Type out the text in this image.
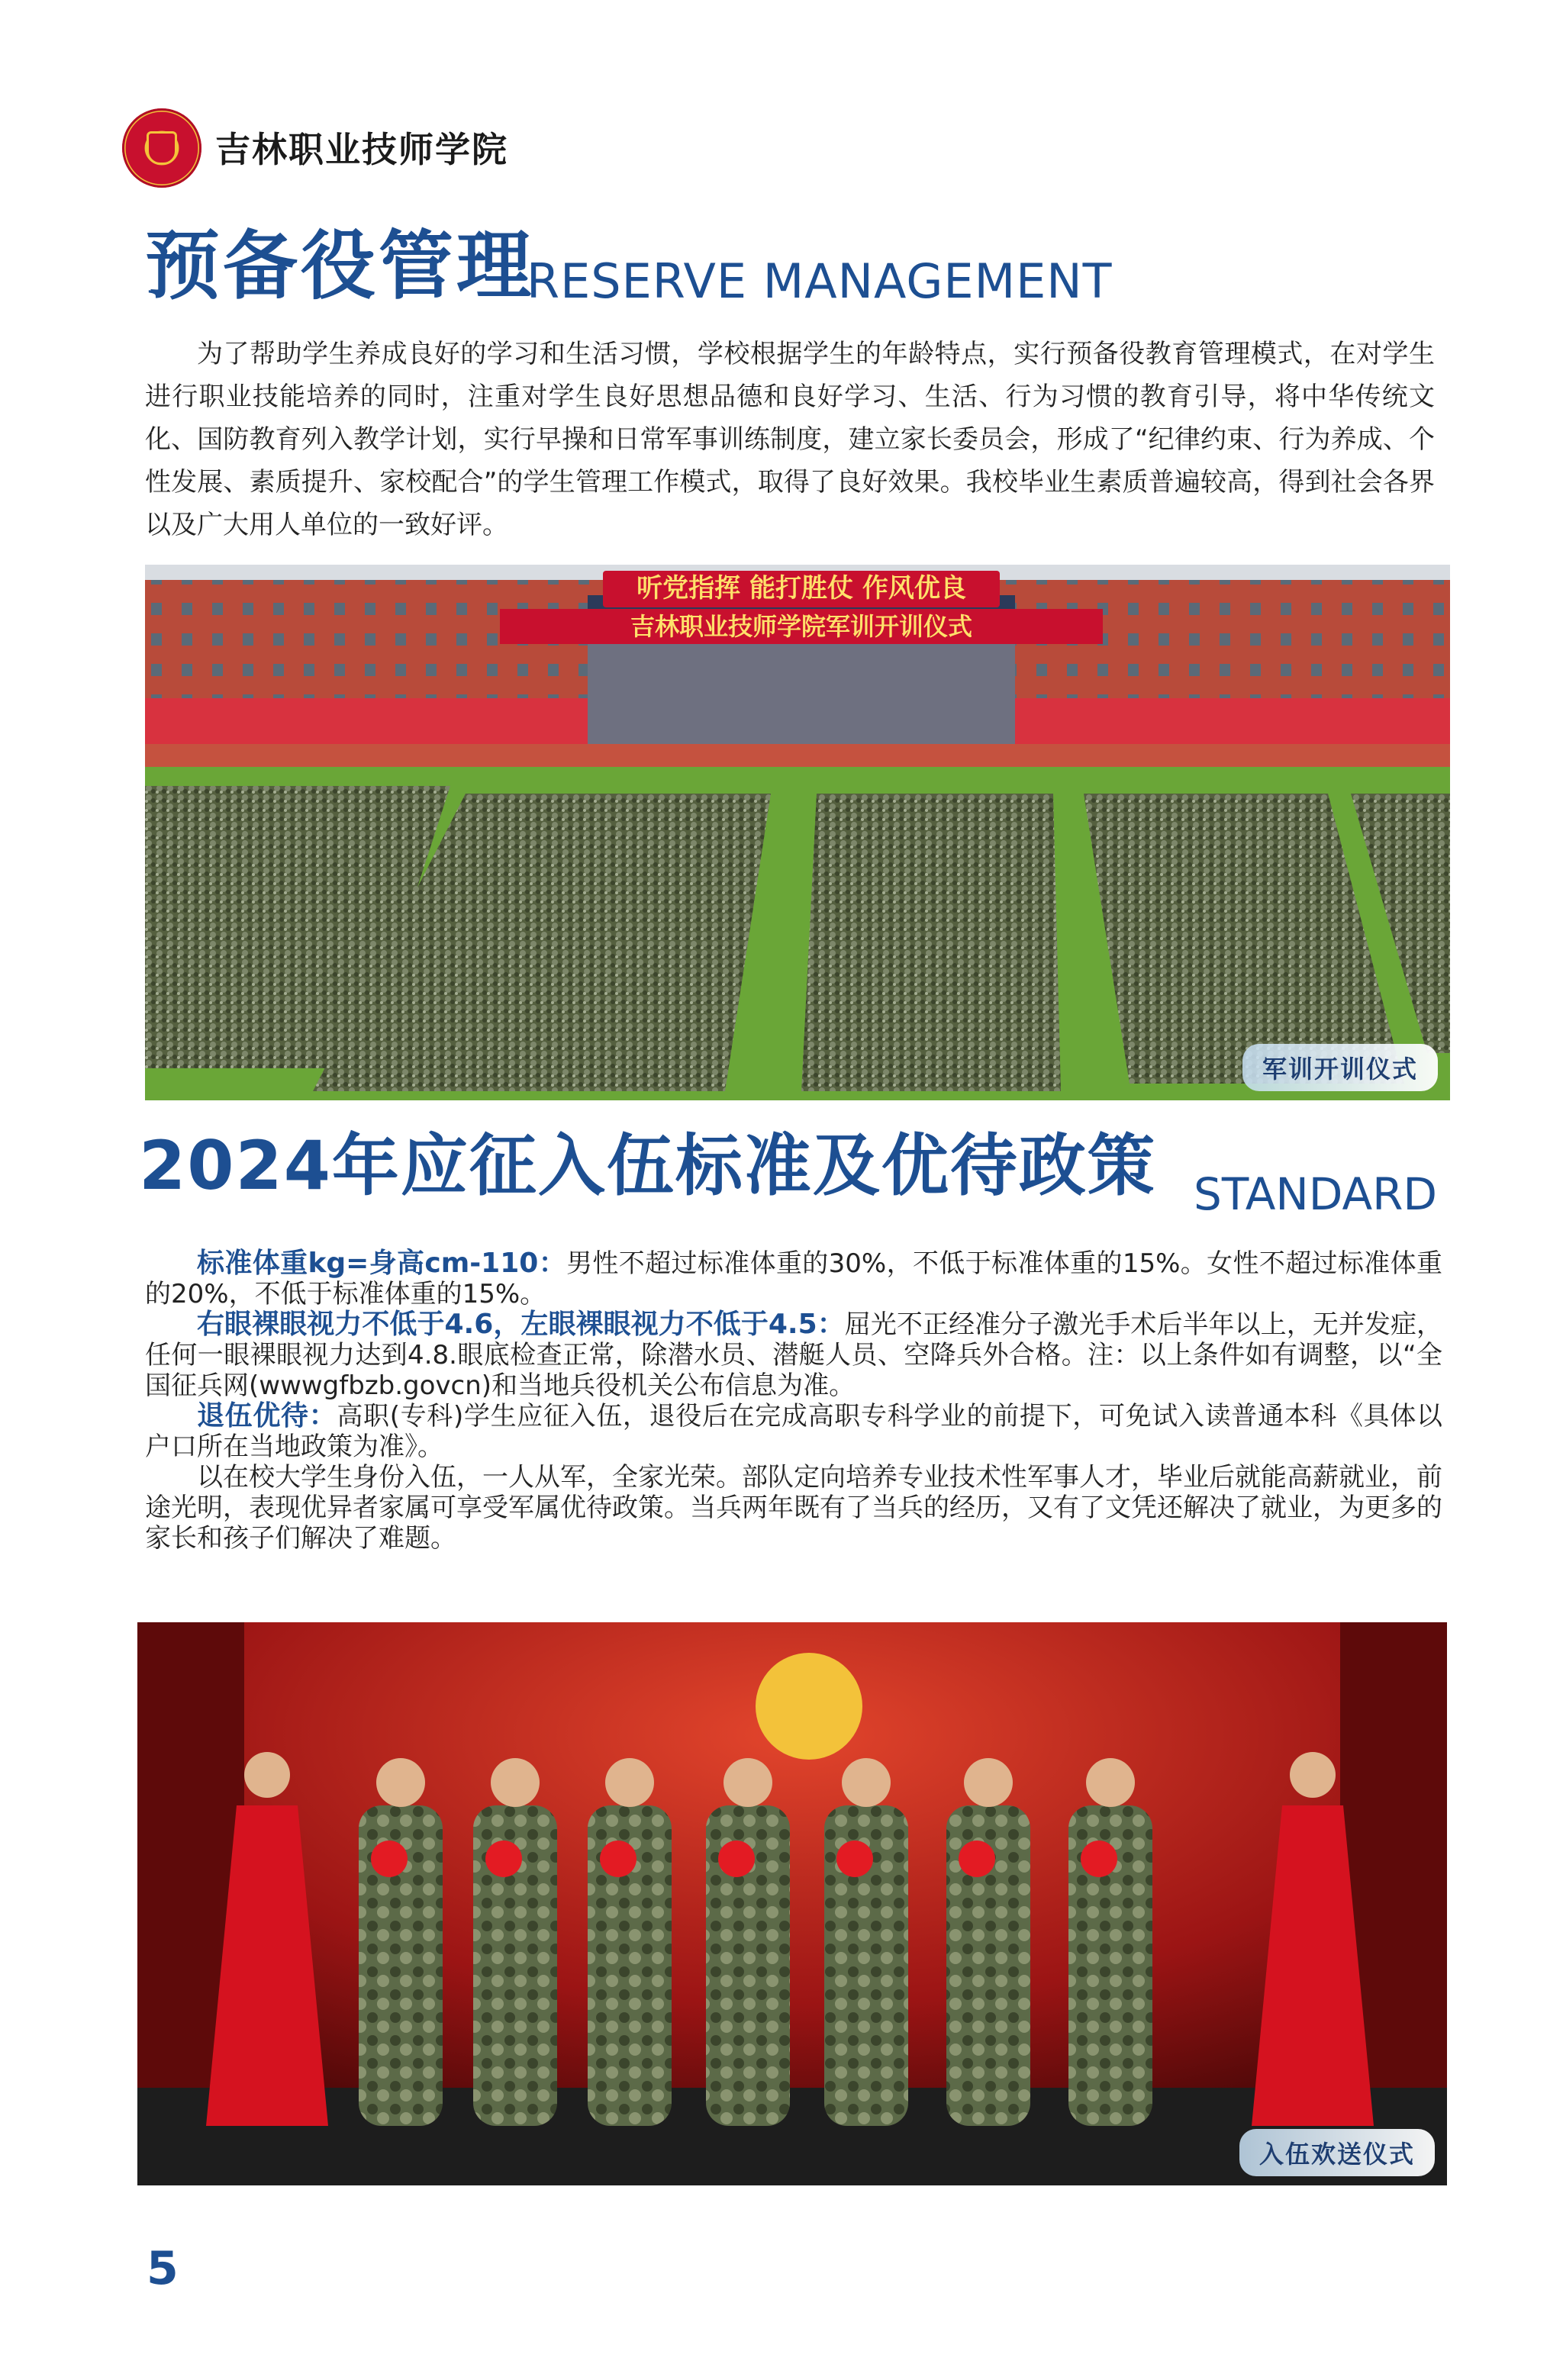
吉林职业技师学院
预备役管理
RESERVE MANAGEMENT

为了帮助学生养成良好的学习和生活习惯，学校根据学生的年龄特点，实行预备役教育管理模式，在对学生进行职业技能培养的同时，注重对学生良好思想品德和良好学习、生活、行为习惯的教育引导，将中华传统文化、国防教育列入教学计划，实行早操和日常军事训练制度，建立家长委员会，形成了“纪律约束、行为养成、个性发展、素质提升、家校配合”的学生管理工作模式，取得了良好效果。我校毕业生素质普遍较高，得到社会各界以及广大用人单位的一致好评。

听党指挥 能打胜仗 作风优良
吉林职业技师学院军训开训仪式
军训开训仪式
2024年应征入伍标准及优待政策 STANDARD

标准体重kg=身高cm-110：男性不超过标准体重的30%，不低于标准体重的15%。女性不超过标准体重的20%，不低于标准体重的15%。

右眼裸眼视力不低于4.6，左眼裸眼视力不低于4.5：屈光不正经准分子激光手术后半年以上，无并发症，任何一眼裸眼视力达到4.8.眼底检查正常，除潜水员、潜艇人员、空降兵外合格。注：以上条件如有调整，以“全国征兵网(wwwgfbzb.govcn)和当地兵役机关公布信息为准。

退伍优待：高职(专科)学生应征入伍，退役后在完成高职专科学业的前提下，可免试入读普通本科《具体以户口所在当地政策为准》。

以在校大学生身份入伍，一人从军，全家光荣。部队定向培养专业技术性军事人才，毕业后就能高薪就业，前途光明，表现优异者家属可享受军属优待政策。当兵两年既有了当兵的经历，又有了文凭还解决了就业，为更多的家长和孩子们解决了难题。

入伍欢送仪式
5
